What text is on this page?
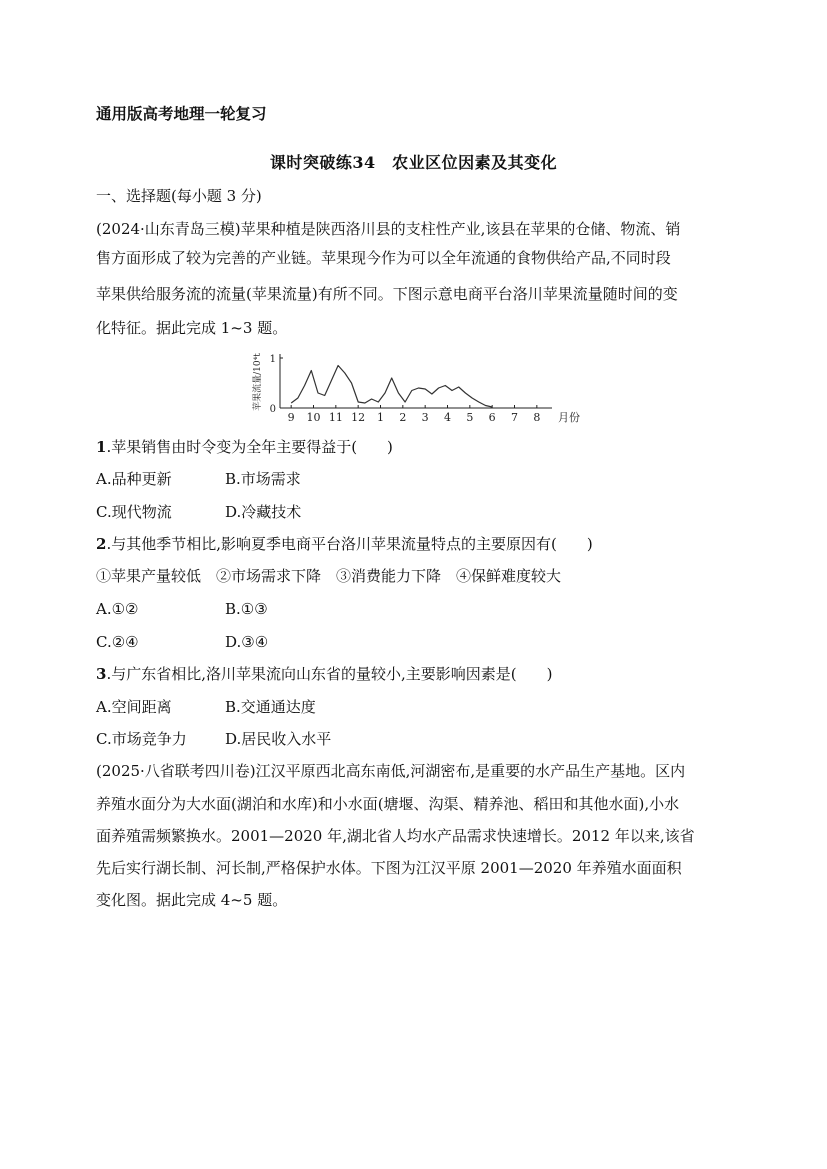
通用版高考地理一轮复习
课时突破练34　农业区位因素及其变化
一、选择题(每小题 3 分)
(2024·山东青岛三模)苹果种植是陕西洛川县的支柱性产业,该县在苹果的仓储、物流、销
售方面形成了较为完善的产业链。苹果现今作为可以全年流通的食物供给产品,不同时段
苹果供给服务流的流量(苹果流量)有所不同。下图示意电商平台洛川苹果流量随时间的变
化特征。据此完成 1~3 题。
0
1
苹果流量/10⁴t
9 10 11 12 1 2 3 4 5 6 7 8 月份
1.苹果销售由时令变为全年主要得益于(　　)
A.品种更新	B.市场需求
C.现代物流	D.冷藏技术
2.与其他季节相比,影响夏季电商平台洛川苹果流量特点的主要原因有(　　)
①苹果产量较低　②市场需求下降　③消费能力下降　④保鲜难度较大
A.①②	B.①③
C.②④	D.③④
3.与广东省相比,洛川苹果流向山东省的量较小,主要影响因素是(　　)
A.空间距离	B.交通通达度
C.市场竞争力	D.居民收入水平
(2025·八省联考四川卷)江汉平原西北高东南低,河湖密布,是重要的水产品生产基地。区内
养殖水面分为大水面(湖泊和水库)和小水面(塘堰、沟渠、精养池、稻田和其他水面),小水
面养殖需频繁换水。2001—2020 年,湖北省人均水产品需求快速增长。2012 年以来,该省
先后实行湖长制、河长制,严格保护水体。下图为江汉平原 2001—2020 年养殖水面面积
变化图。据此完成 4~5 题。
